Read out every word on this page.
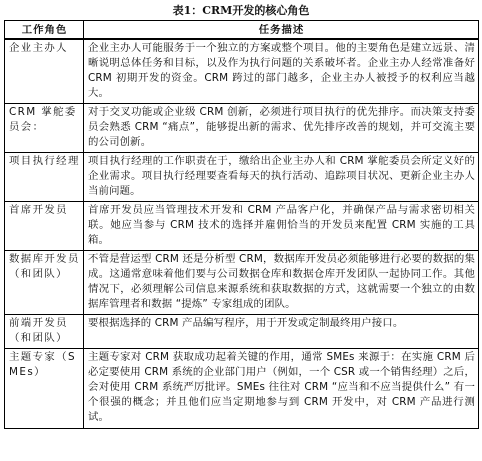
表1：CRM开发的核心角色
工作角色	任务描述
企业主办人	企业主办人可能服务于一个独立的方案或整个项目。他的主要角色是建立远景、清晰说明总体任务和目标，以及作为执行问题的关系破坏者。企业主办人经常准备好 CRM 初期开发的资金。CRM 跨过的部门越多，企业主办人被授予的权利应当越大。
CRM 掌舵委员会：	对于交叉功能或企业级 CRM 创新，必须进行项目执行的优先排序。而决策支持委员会熟悉 CRM “痛点”，能够提出新的需求、优先排序改善的规划，并可交流主要的公司创新。
项目执行经理	项目执行经理的工作职责在于，缴给出企业主办人和 CRM 掌舵委员会所定义好的企业需求。项目执行经理要查看每天的执行活动、追踪项目状况、更新企业主办人当前问题。
首席开发员	首席开发员应当管理技术开发和 CRM 产品客户化，并确保产品与需求密切相关联。她应当参与 CRM 技术的选择并雇佣恰当的开发员来配置 CRM 实施的工具箱。
数据库开发员（和团队）	不管是营运型 CRM 还是分析型 CRM，数据库开发员必须能够进行必要的数据的集成。这通常意味着他们要与公司数据仓库和数据仓库开发团队一起协同工作。其他情况下，必须理解公司信息来源系统和获取数据的方式，这就需要一个独立的由数据库管理者和数据 “提炼” 专家组成的团队。
前端开发员（和团队）	要根据选择的 CRM 产品编写程序，用于开发或定制最终用户接口。
主题专家（SMEs）	主题专家对 CRM 获取成功起着关键的作用，通常 SMEs 来源于：在实施 CRM 后必定要使用 CRM 系统的企业部门用户（例如，一个 CSR 或一个销售经理）之后，会对使用 CRM 系统严厉批评。SMEs 往往对 CRM “应当和不应当提供什么” 有一个很强的概念；并且他们应当定期地参与到 CRM 开发中，对 CRM 产品进行测试。
